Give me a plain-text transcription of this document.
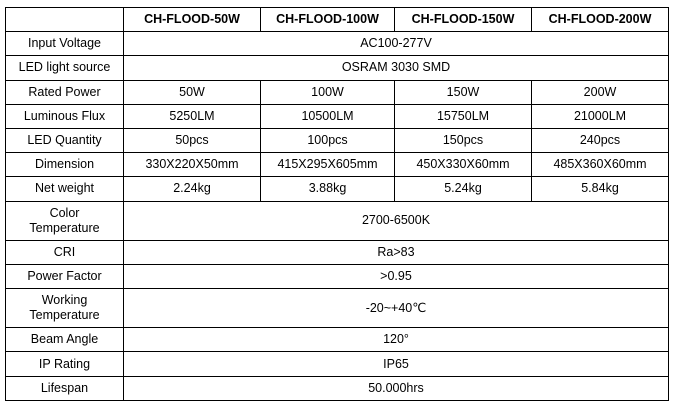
	CH-FLOOD-50W	CH-FLOOD-100W	CH-FLOOD-150W	CH-FLOOD-200W
Input Voltage	AC100-277V			
LED light source	OSRAM 3030 SMD			
Rated Power	50W	100W	150W	200W
Luminous Flux	5250LM	10500LM	15750LM	21000LM
LED Quantity	50pcs	100pcs	150pcs	240pcs
Dimension	330X220X50mm	415X295X605mm	450X330X60mm	485X360X60mm
Net weight	2.24kg	3.88kg	5.24kg	5.84kg

Color
Temperature	2700-6500K			
CRI	Ra>83			
Power Factor	>0.95			

Working
Temperature	-20~+40℃			
Beam Angle	120°			
IP Rating	IP65			
Lifespan	50.000hrs			
